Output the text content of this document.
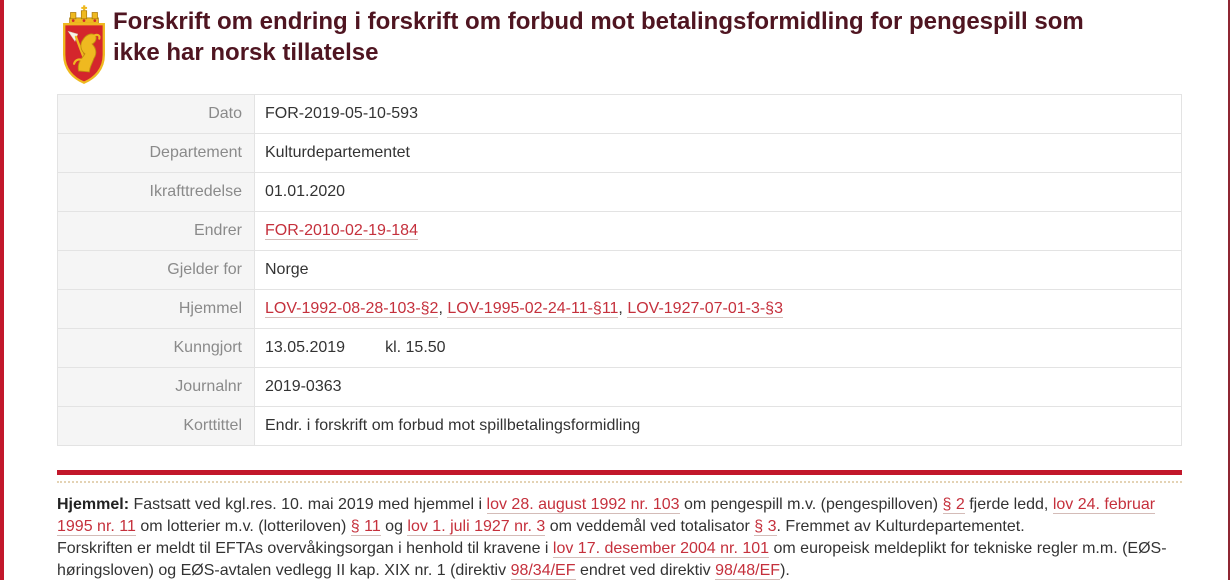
Forskrift om endring i forskrift om forbud mot betalingsformidling for pengespill som ikke har norsk tillatelse
Dato	FOR-2019-05-10-593
Departement	Kulturdepartementet
Ikrafttredelse	01.01.2020
Endrer	FOR-2010-02-19-184
Gjelder for	Norge
Hjemmel	LOV-1992-08-28-103-§2, LOV-1995-02-24-11-§11, LOV-1927-07-01-3-§3
Kunngjort	13.05.2019 kl. 15.50
Journalnr	2019-0363
Korttittel	Endr. i forskrift om forbud mot spillbetalingsformidling

Hjemmel: Fastsatt ved kgl.res. 10. mai 2019 med hjemmel i lov 28. august 1992 nr. 103 om pengespill m.v. (pengespilloven) § 2 fjerde ledd, lov 24. februar 1995 nr. 11 om lotterier m.v. (lotteriloven) § 11 og lov 1. juli 1927 nr. 3 om veddemål ved totalisator § 3. Fremmet av Kulturdepartementet.

Forskriften er meldt til EFTAs overvåkingsorgan i henhold til kravene i lov 17. desember 2004 nr. 101 om europeisk meldeplikt for tekniske regler m.m. (EØS-høringsloven) og EØS-avtalen vedlegg II kap. XIX nr. 1 (direktiv 98/34/EF endret ved direktiv 98/48/EF).
